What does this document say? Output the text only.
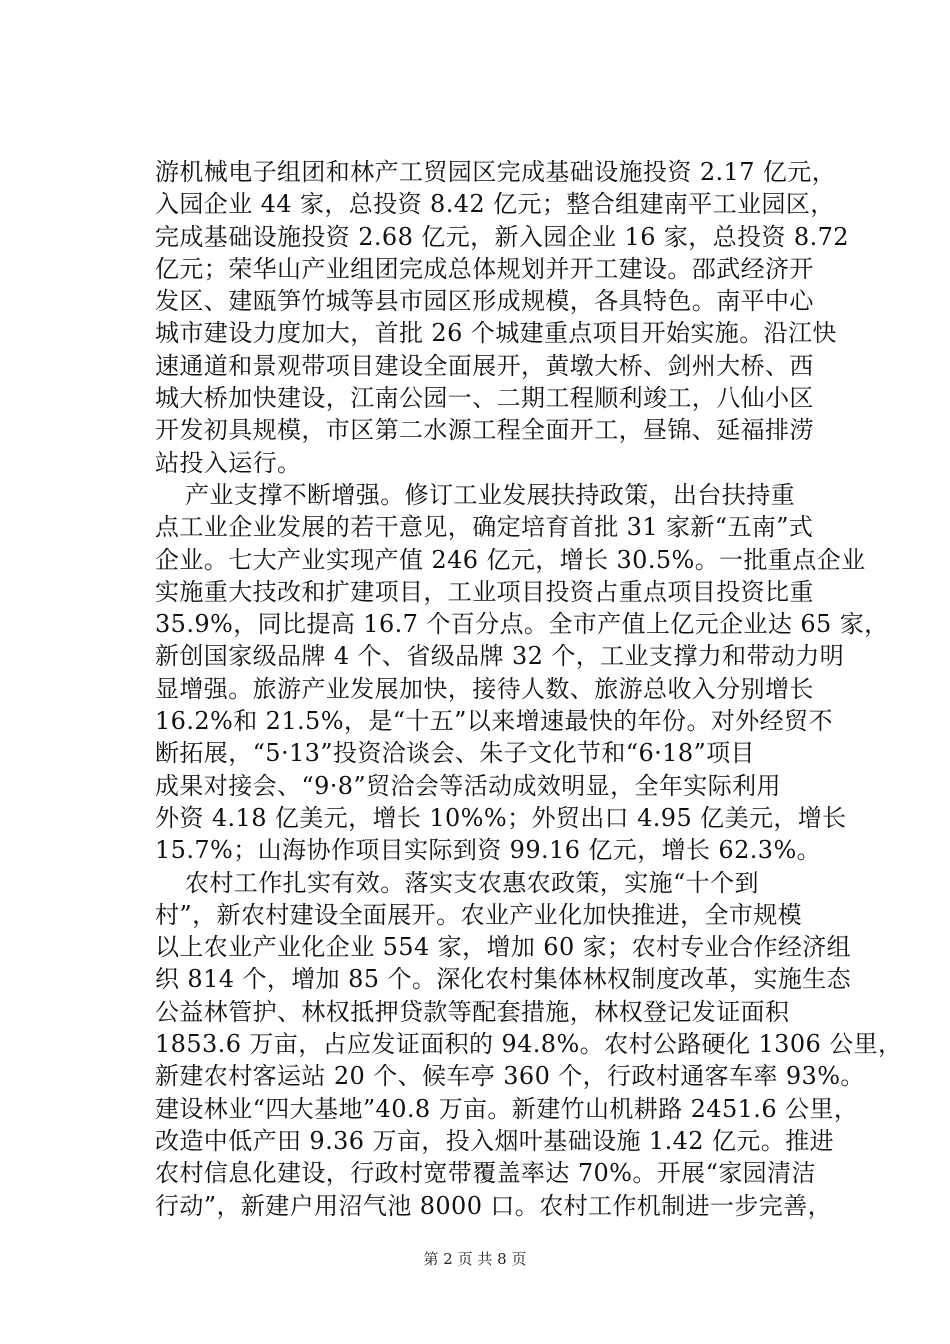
游机械电子组团和林产工贸园区完成基础设施投资 2.17 亿元，
入园企业 44 家，总投资 8.42 亿元；整合组建南平工业园区，
完成基础设施投资 2.68 亿元，新入园企业 16 家，总投资 8.72
亿元；荣华山产业组团完成总体规划并开工建设。邵武经济开
发区、建瓯笋竹城等县市园区形成规模，各具特色。南平中心
城市建设力度加大，首批 26 个城建重点项目开始实施。沿江快
速通道和景观带项目建设全面展开，黄墩大桥、剑州大桥、西
城大桥加快建设，江南公园一、二期工程顺利竣工，八仙小区
开发初具规模，市区第二水源工程全面开工，昼锦、延福排涝
站投入运行。
产业支撑不断增强。修订工业发展扶持政策，出台扶持重
点工业企业发展的若干意见，确定培育首批 31 家新“五南”式
企业。七大产业实现产值 246 亿元，增长 30.5%。一批重点企业
实施重大技改和扩建项目，工业项目投资占重点项目投资比重
35.9%，同比提高 16.7 个百分点。全市产值上亿元企业达 65 家，
新创国家级品牌 4 个、省级品牌 32 个，工业支撑力和带动力明
显增强。旅游产业发展加快，接待人数、旅游总收入分别增长
16.2%和 21.5%，是“十五”以来增速最快的年份。对外经贸不
断拓展，“5·13”投资洽谈会、朱子文化节和“6·18”项目
成果对接会、“9·8”贸洽会等活动成效明显，全年实际利用
外资 4.18 亿美元，增长 10%%；外贸出口 4.95 亿美元，增长
15.7%；山海协作项目实际到资 99.16 亿元，增长 62.3%。
农村工作扎实有效。落实支农惠农政策，实施“十个到
村”，新农村建设全面展开。农业产业化加快推进，全市规模
以上农业产业化企业 554 家，增加 60 家；农村专业合作经济组
织 814 个，增加 85 个。深化农村集体林权制度改革，实施生态
公益林管护、林权抵押贷款等配套措施，林权登记发证面积
1853.6 万亩，占应发证面积的 94.8%。农村公路硬化 1306 公里，
新建农村客运站 20 个、候车亭 360 个，行政村通客车率 93%。
建设林业“四大基地”40.8 万亩。新建竹山机耕路 2451.6 公里，
改造中低产田 9.36 万亩，投入烟叶基础设施 1.42 亿元。推进
农村信息化建设，行政村宽带覆盖率达 70%。开展“家园清洁
行动”，新建户用沼气池 8000 口。农村工作机制进一步完善，
第 2 页 共 8 页
